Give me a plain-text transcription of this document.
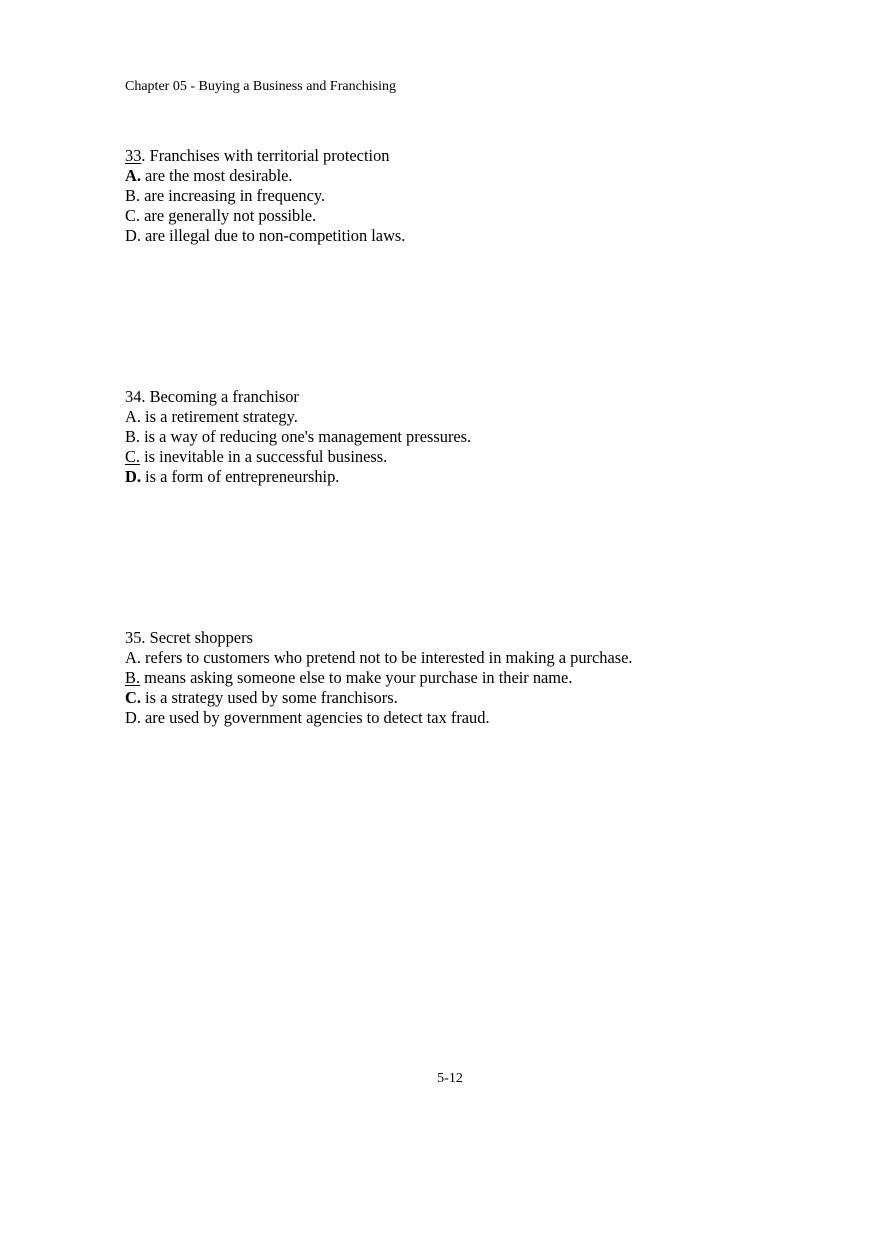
Chapter 05 - Buying a Business and Franchising

33. Franchises with territorial protection

A. are the most desirable.

B. are increasing in frequency.

C. are generally not possible.

D. are illegal due to non-competition laws.

34. Becoming a franchisor

A. is a retirement strategy.

B. is a way of reducing one's management pressures.

C. is inevitable in a successful business.

D. is a form of entrepreneurship.

35. Secret shoppers

A. refers to customers who pretend not to be interested in making a purchase.

B. means asking someone else to make your purchase in their name.

C. is a strategy used by some franchisors.

D. are used by government agencies to detect tax fraud.

5-12
